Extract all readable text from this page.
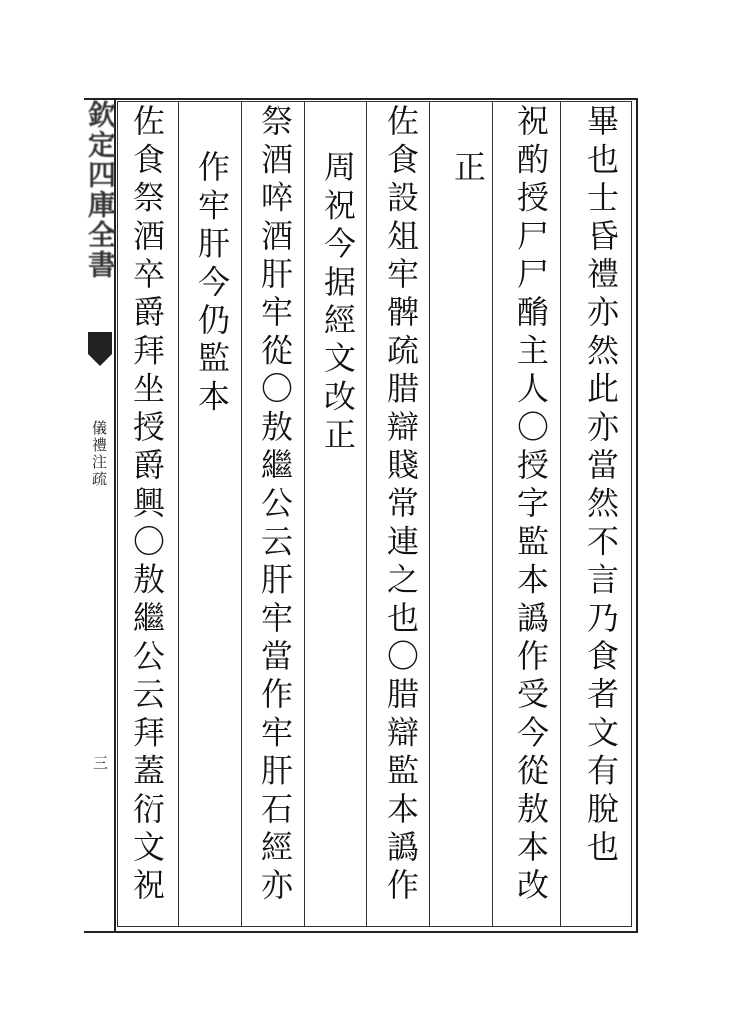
欽定四庫全書
儀禮注疏
三	畢也士昏禮亦然此亦當然不言乃食者文有脫也
祝酌授尸尸酳主人〇授字監本譌作受今從敖本改
正
佐食設俎牢髀疏腊辯賤常連之也〇腊辯監本譌作
周祝今据經文改正
祭酒啐酒肝牢從〇敖繼公云肝牢當作牢肝石經亦
作牢肝今仍監本
佐食祭酒卒爵拜坐授爵興〇敖繼公云拜蓋衍文祝
